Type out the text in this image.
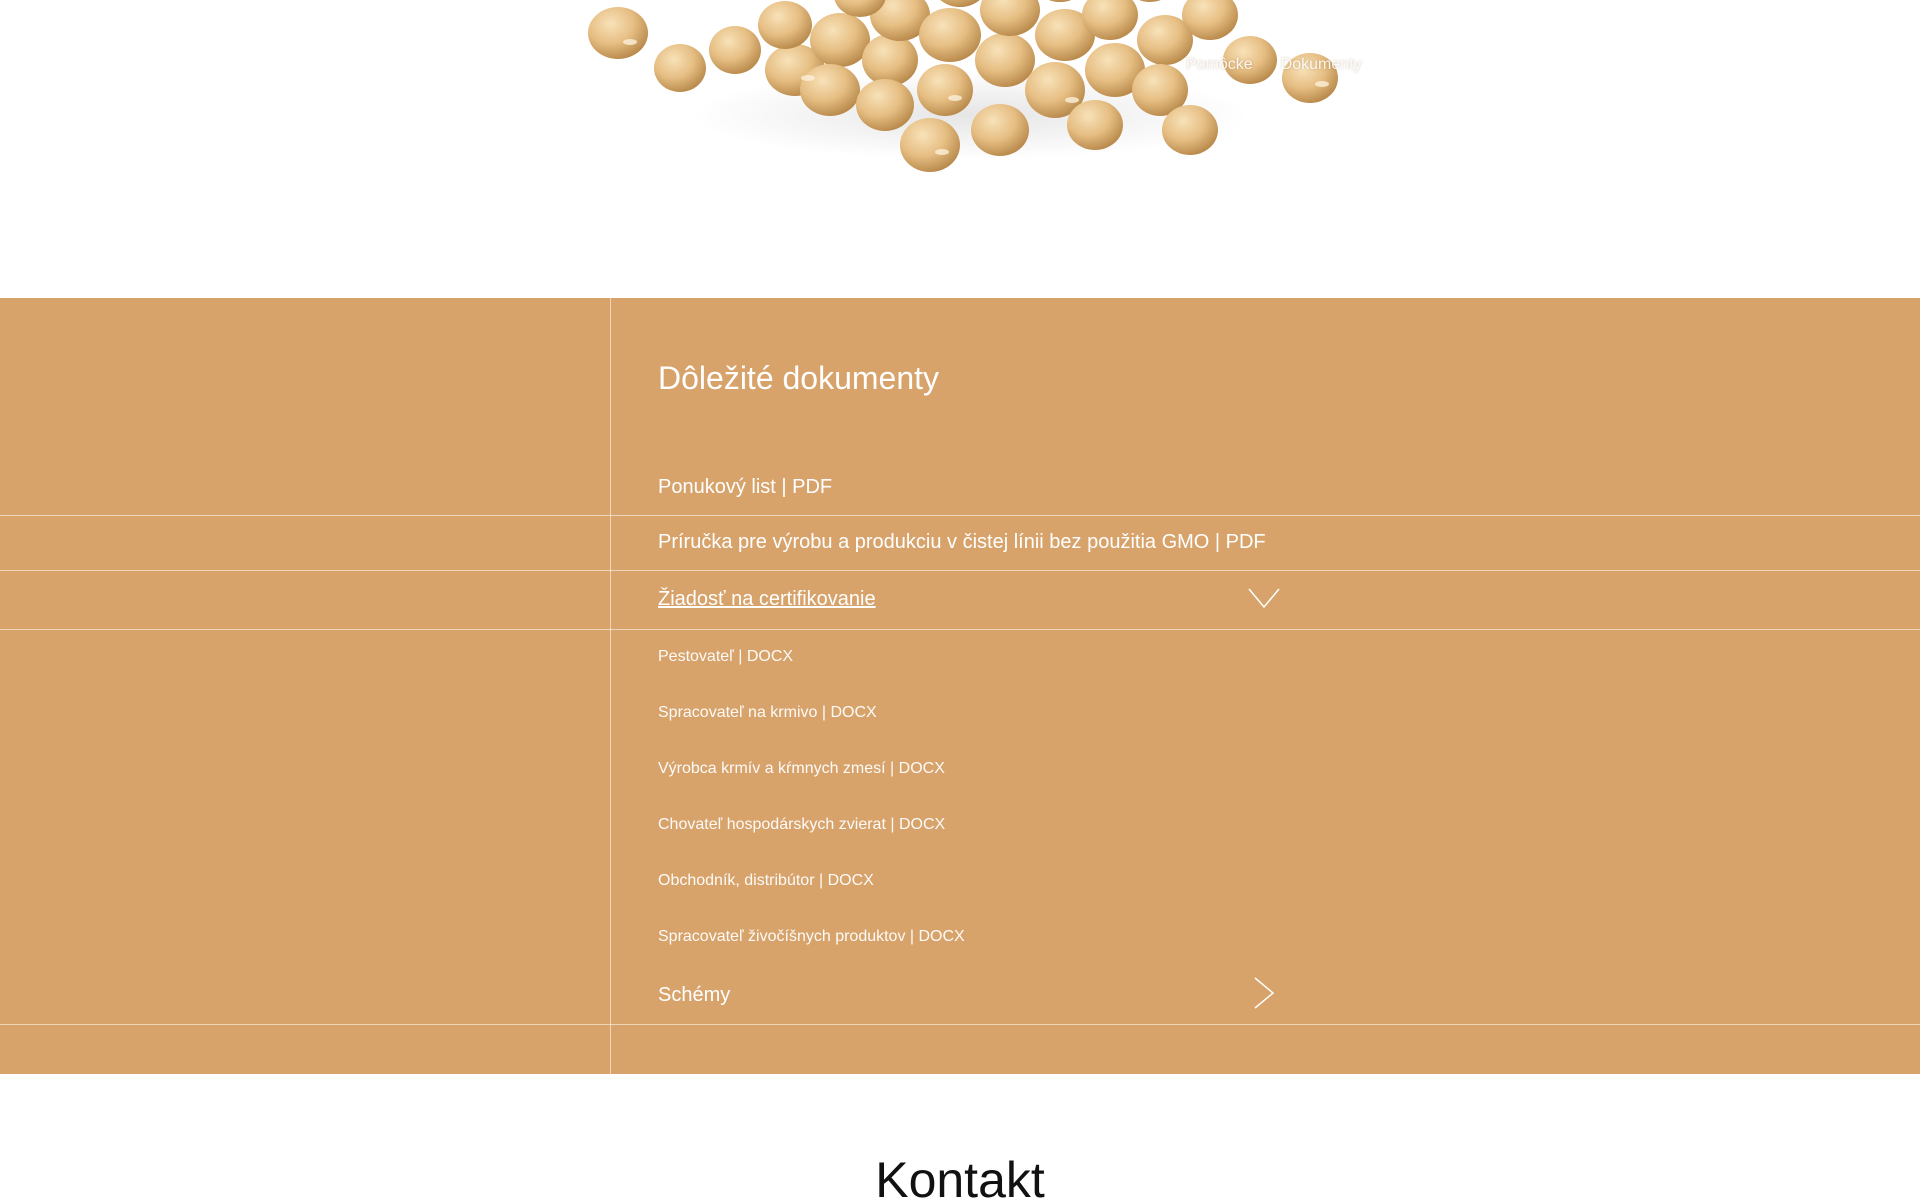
Pomôcke Dokumenty
Dôležité dokumenty
Ponukový list | PDF
Príručka pre výrobu a produkciu v čistej línii bez použitia GMO | PDF
Žiadosť na certifikovanie
Pestovateľ | DOCX
Spracovateľ na krmivo | DOCX
Výrobca krmív a kŕmnych zmesí | DOCX
Chovateľ hospodárskych zvierat | DOCX
Obchodník, distribútor | DOCX
Spracovateľ živočíšnych produktov | DOCX
Schémy
Kontakt
